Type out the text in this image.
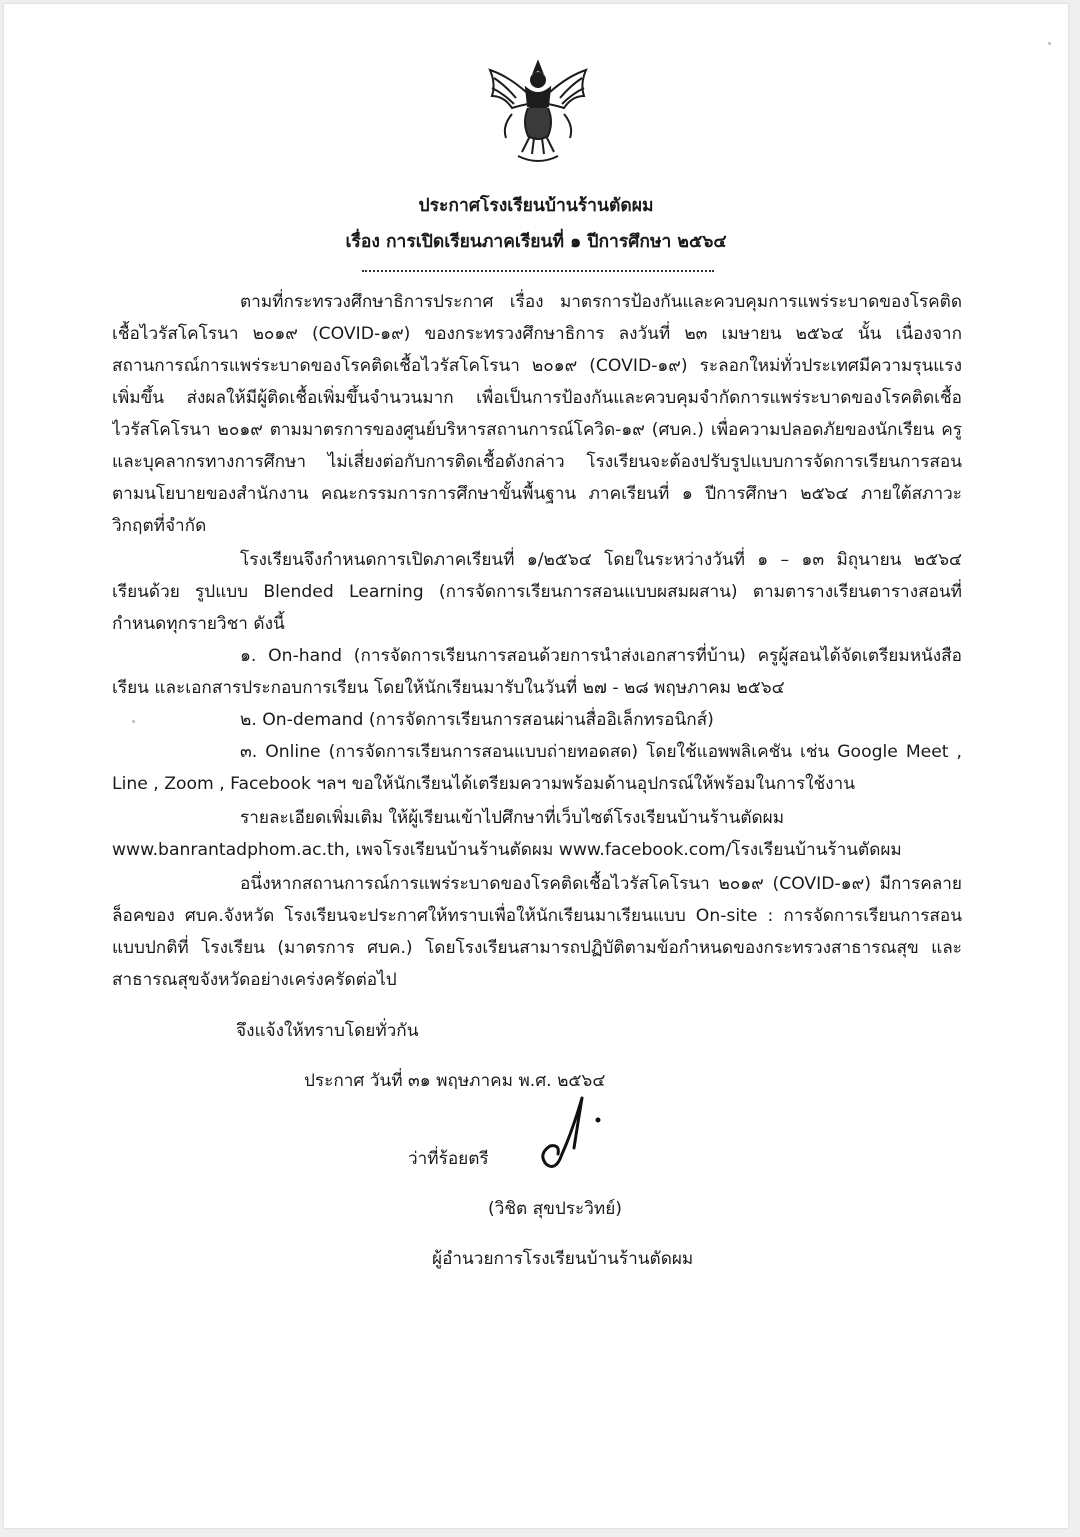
ประกาศโรงเรียนบ้านร้านตัดผม
เรื่อง การเปิดเรียนภาคเรียนที่ ๑ ปีการศึกษา ๒๕๖๔
ตามที่กระทรวงศึกษาธิการประกาศ เรื่อง มาตรการป้องกันและควบคุมการแพร่ระบาดของโรคติด
เชื้อไวรัสโคโรนา ๒๐๑๙ (COVID-๑๙) ของกระทรวงศึกษาธิการ ลงวันที่ ๒๓ เมษายน ๒๕๖๔ นั้น เนื่องจาก
สถานการณ์การแพร่ระบาดของโรคติดเชื้อไวรัสโคโรนา ๒๐๑๙ (COVID-๑๙) ระลอกใหม่ทั่วประเทศมีความรุนแรง
เพิ่มขึ้น ส่งผลให้มีผู้ติดเชื้อเพิ่มขึ้นจำนวนมาก เพื่อเป็นการป้องกันและควบคุมจำกัดการแพร่ระบาดของโรคติดเชื้อ
ไวรัสโคโรนา ๒๐๑๙ ตามมาตรการของศูนย์บริหารสถานการณ์โควิด-๑๙ (ศบค.) เพื่อความปลอดภัยของนักเรียน ครู
และบุคลากรทางการศึกษา ไม่เสี่ยงต่อกับการติดเชื้อดังกล่าว โรงเรียนจะต้องปรับรูปแบบการจัดการเรียนการสอน
ตามนโยบายของสำนักงาน คณะกรรมการการศึกษาขั้นพื้นฐาน ภาคเรียนที่ ๑ ปีการศึกษา ๒๕๖๔ ภายใต้สภาวะ
วิกฤตที่จำกัด
โรงเรียนจึงกำหนดการเปิดภาคเรียนที่ ๑/๒๕๖๔ โดยในระหว่างวันที่ ๑ – ๑๓ มิถุนายน ๒๕๖๔
เรียนด้วย รูปแบบ Blended Learning (การจัดการเรียนการสอนแบบผสมผสาน) ตามตารางเรียนตารางสอนที่
กำหนดทุกรายวิชา ดังนี้
๑. On-hand (การจัดการเรียนการสอนด้วยการนำส่งเอกสารที่บ้าน) ครูผู้สอนได้จัดเตรียมหนังสือ
เรียน และเอกสารประกอบการเรียน โดยให้นักเรียนมารับในวันที่ ๒๗ - ๒๘ พฤษภาคม ๒๕๖๔
๒. On-demand (การจัดการเรียนการสอนผ่านสื่ออิเล็กทรอนิกส์)
๓. Online (การจัดการเรียนการสอนแบบถ่ายทอดสด) โดยใช้แอพพลิเคชัน เช่น Google Meet ,
Line , Zoom , Facebook ฯลฯ ขอให้นักเรียนได้เตรียมความพร้อมด้านอุปกรณ์ให้พร้อมในการใช้งาน
รายละเอียดเพิ่มเติม ให้ผู้เรียนเข้าไปศึกษาที่เว็บไซต์โรงเรียนบ้านร้านตัดผม
www.banrantadphom.ac.th, เพจโรงเรียนบ้านร้านตัดผม www.facebook.com/โรงเรียนบ้านร้านตัดผม
อนึ่งหากสถานการณ์การแพร่ระบาดของโรคติดเชื้อไวรัสโคโรนา ๒๐๑๙ (COVID-๑๙) มีการคลาย
ล็อคของ ศบค.จังหวัด โรงเรียนจะประกาศให้ทราบเพื่อให้นักเรียนมาเรียนแบบ On-site : การจัดการเรียนการสอน
แบบปกติที่ โรงเรียน (มาตรการ ศบค.) โดยโรงเรียนสามารถปฏิบัติตามข้อกำหนดของกระทรวงสาธารณสุข และ
สาธารณสุขจังหวัดอย่างเคร่งครัดต่อไป
จึงแจ้งให้ทราบโดยทั่วกัน
ประกาศ วันที่ ๓๑ พฤษภาคม พ.ศ. ๒๕๖๔
ว่าที่ร้อยตรี
(วิชิต สุขประวิทย์)
ผู้อำนวยการโรงเรียนบ้านร้านตัดผม
